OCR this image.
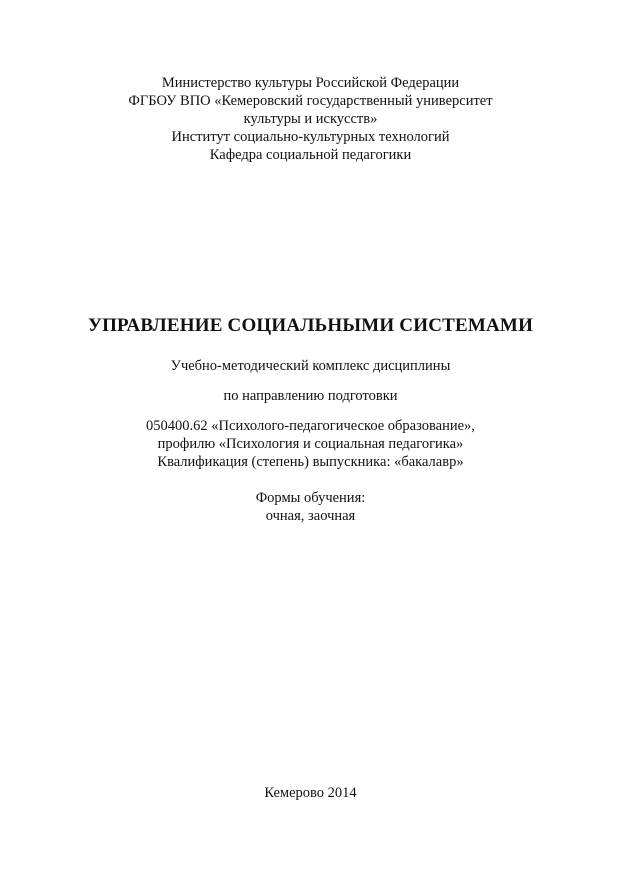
Министерство культуры Российской Федерации
ФГБОУ ВПО «Кемеровский государственный университет
культуры и искусств»
Институт социально-культурных технологий
Кафедра социальной педагогики
УПРАВЛЕНИЕ СОЦИАЛЬНЫМИ СИСТЕМАМИ
Учебно-методический комплекс дисциплины
по направлению подготовки
050400.62 «Психолого-педагогическое образование»,
профилю «Психология и социальная педагогика»
Квалификация (степень) выпускника: «бакалавр»
Формы обучения:
очная, заочная
Кемерово 2014
